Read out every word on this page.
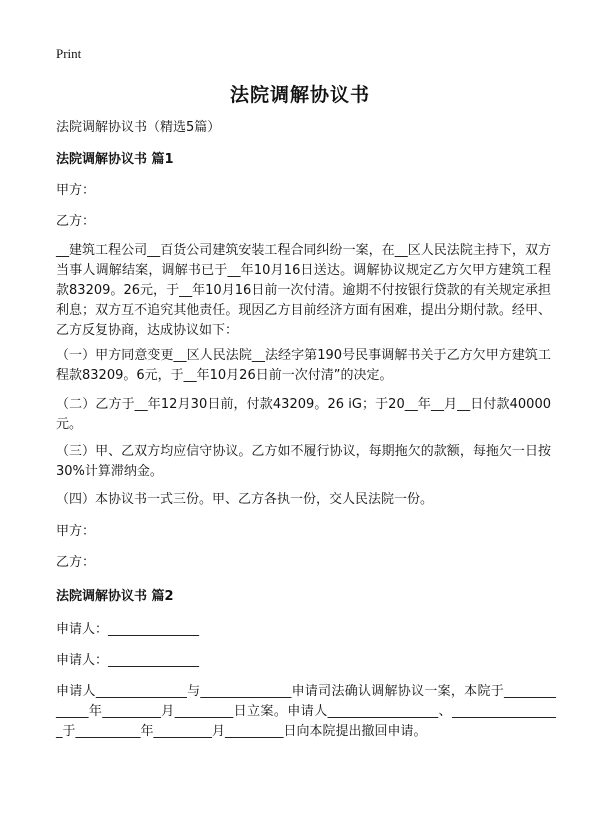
Print
法院调解协议书
法院调解协议书（精选5篇）
法院调解协议书 篇1
甲方：
乙方：
__建筑工程公司__百货公司建筑安装工程合同纠纷一案，在__区人民法院主持下，双方当事人调解结案，调解书已于__年10月16日送达。调解协议规定乙方欠甲方建筑工程款83209。26元，于__年10月16日前一次付清。逾期不付按银行贷款的有关规定承担利息；双方互不追究其他责任。现因乙方目前经济方面有困难，提出分期付款。经甲、乙方反复协商，达成协议如下：
（一）甲方同意变更__区人民法院__法经字第190号民事调解书关于乙方欠甲方建筑工程款83209。6元，于__年10月26日前一次付清”的决定。
（二）乙方于__年12月30日前，付款43209。26 iG；于20__年__月__日付款40000元。
（三）甲、乙双方均应信守协议。乙方如不履行协议，每期拖欠的款额，每拖欠一日按30%计算滞纳金。
（四）本协议书一式三份。甲、乙方各执一份，交人民法院一份。
甲方：
乙方：
法院调解协议书 篇2
申请人：______________
申请人：______________
申请人______________与______________申请司法确认调解协议一案，本院于_____________年_________月_________日立案。申请人_________________、_________________于__________年_________月_________日向本院提出撤回申请。
